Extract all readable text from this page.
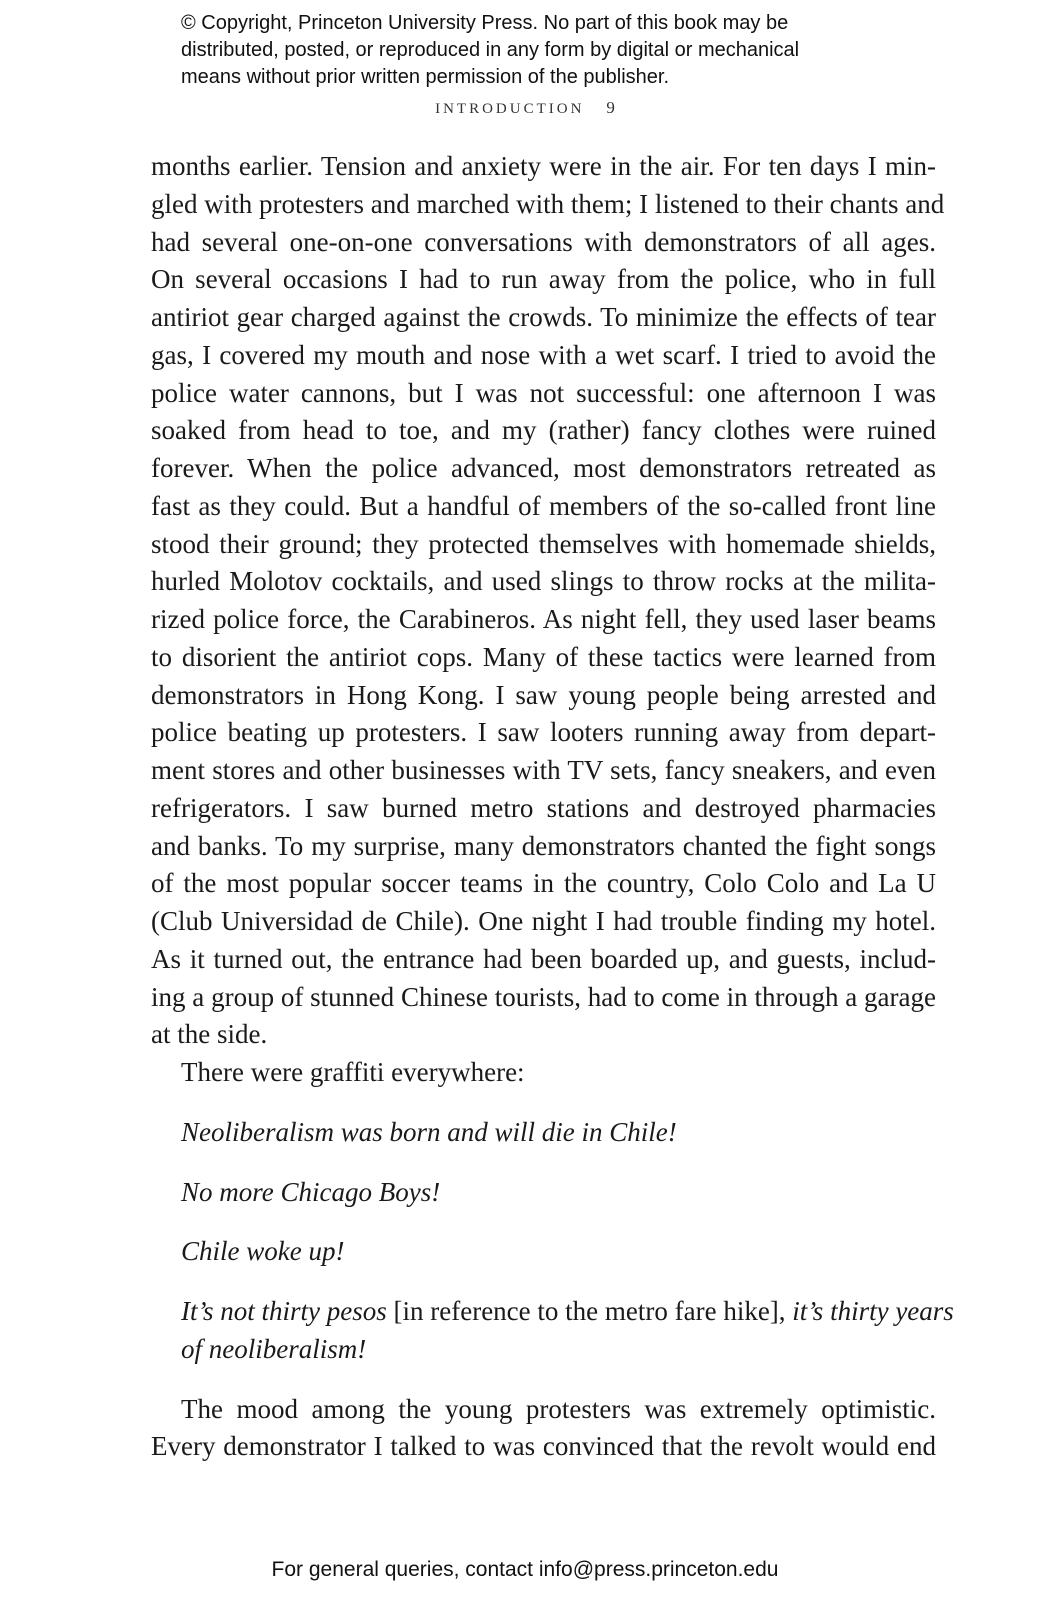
© Copyright, Princeton University Press. No part of this book may be
distributed, posted, or reproduced in any form by digital or mechanical
means without prior written permission of the publisher.
INTRODUCTION 9
months earlier. Tension and anxiety were in the air. For ten days I min-
gled with protesters and marched with them; I listened to their chants and
had several one-on-one conversations with demonstrators of all ages.
On several occasions I had to run away from the police, who in full
antiriot gear charged against the crowds. To minimize the effects of tear
gas, I covered my mouth and nose with a wet scarf. I tried to avoid the
police water cannons, but I was not successful: one afternoon I was
soaked from head to toe, and my (rather) fancy clothes were ruined
forever. When the police advanced, most demonstrators retreated as
fast as they could. But a handful of members of the so-called front line
stood their ground; they protected themselves with homemade shields,
hurled Molotov cocktails, and used slings to throw rocks at the milita-
rized police force, the Carabineros. As night fell, they used laser beams
to disorient the antiriot cops. Many of these tactics were learned from
demonstrators in Hong Kong. I saw young people being arrested and
police beating up protesters. I saw looters running away from depart-
ment stores and other businesses with TV sets, fancy sneakers, and even
refrigerators. I saw burned metro stations and destroyed pharmacies
and banks. To my surprise, many demonstrators chanted the fight songs
of the most popular soccer teams in the country, Colo Colo and La U
(Club Universidad de Chile). One night I had trouble finding my hotel.
As it turned out, the entrance had been boarded up, and guests, includ-
ing a group of stunned Chinese tourists, had to come in through a garage
at the side.
There were graffiti everywhere:
Neoliberalism was born and will die in Chile!
No more Chicago Boys!
Chile woke up!
It’s not thirty pesos [in reference to the metro fare hike], it’s thirty years
of neoliberalism!
The mood among the young protesters was extremely optimistic.
Every demonstrator I talked to was convinced that the revolt would end
For general queries, contact info@press.princeton.edu
